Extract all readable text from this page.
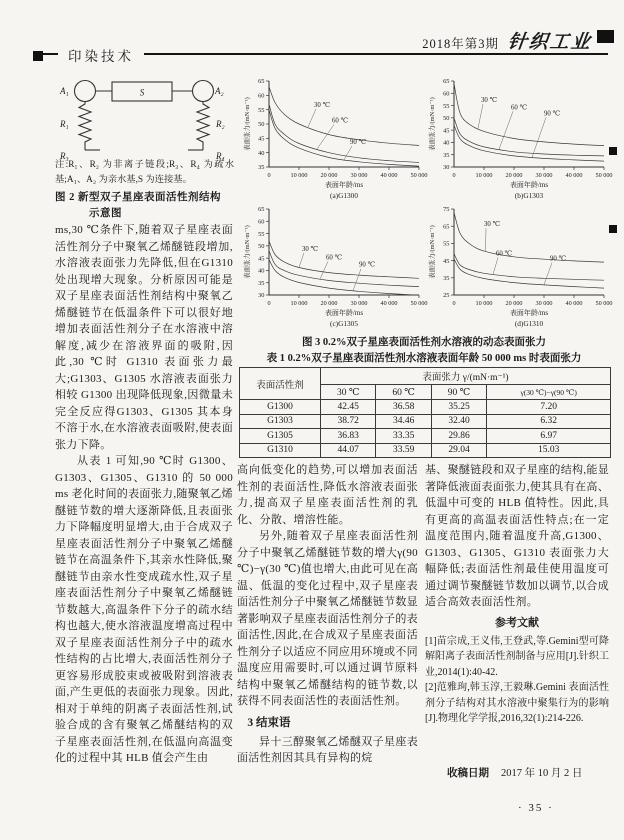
印染技术
2018年第3期 针织工业
A₁	A₂
S
R₁	R₂
R₃	R₄
注:R₁、R₂ 为非离子链段;R₃、R₄ 为疏水基;A₁、A₂ 为亲水基,S 为连接基。
图 2 新型双子星座表面活性剂结构
示意图
35
40
45
50
55
60
65
0	10 000 20 000 30 000 40 000 50 000
表面张力/(mN·m⁻¹)
表面年龄/ms
(a)G1300
30 ℃
60 ℃
90 ℃
30
35
40
45
50
55
60
65
0	10 000 20 000 30 000 40 000 50 000
表面张力/(mN·m⁻¹)
表面年龄/ms
(b)G1303
30 ℃
60 ℃
90 ℃
30
35
40
45
50
55
60
65
0	10 000 20 000 30 000 40 000 50 000
表面张力/(mN·m⁻¹)
表面年龄/ms
(c)G1305
30 ℃
60 ℃
90 ℃
25
35
45
55
65
75
0	10 000 20 000 30 000 40 000 50 000
表面张力/(mN·m⁻¹)
表面年龄/ms
(d)G1310
30 ℃
60 ℃
90 ℃
图 3 0.2%双子星座表面活性剂水溶液的动态表面张力
表 1 0.2%双子星座表面活性剂水溶液表面年龄 50 000 ms 时表面张力
表面活性剂	表面张力 γ/(mN·m⁻¹)			
	30 ℃	60 ℃	90 ℃	γ(30 ℃)−γ(90 ℃)
G1300	42.45	36.58	35.25	7.20
G1303	38.72	34.46	32.40	6.32
G1305	36.83	33.35	29.86	6.97
G1310	44.07	33.59	29.04	15.03

ms,30 ℃条件下,随着双子星座表面活性剂分子中聚氧乙烯醚链段增加,水溶液表面张力先降低,但在G1310 处出现增大现象。分析原因可能是双子星座表面活性剂结构中聚氧乙烯醚链节在低温条件下可以很好地增加表面活性剂分子在水溶液中溶解度,减少在溶液界面的吸附,因此,30 ℃时 G1310 表面张力最大;G1303、G1305 水溶液表面张力相较 G1300 出现降低现象,因微量未完全反应得G1303、G1305 其本身不溶于水,在水溶液表面吸附,使表面张力下降。

从表 1 可知,90 ℃时 G1300、G1303、G1305、G1310 的 50 000 ms 老化时间的表面张力,随聚氧乙烯醚链节数的增大逐渐降低,且表面张力下降幅度明显增大,由于合成双子星座表面活性剂分子中聚氧乙烯醚链节在高温条件下,其亲水性降低,聚醚链节由亲水性变成疏水性,双子星座表面活性剂分子中聚氧乙烯醚链节数越大,高温条件下分子的疏水结构也越大,使水溶液温度增高过程中双子星座表面活性剂分子中的疏水性结构的占比增大,表面活性剂分子更容易形成胶束或被吸附到溶液表面,产生更低的表面张力现象。因此,相对于单纯的阴离子表面活性剂,试验合成的含有聚氧乙烯醚结构的双子星座表面活性剂,在低温向高温变化的过程中其 HLB 值会产生由

高向低变化的趋势,可以增加表面活性剂的表面活性,降低水溶液表面张力,提高双子星座表面活性剂的乳化、分散、增溶性能。

另外,随着双子星座表面活性剂分子中聚氧乙烯醚链节数的增大γ(90 ℃)−γ(30 ℃)值也增大,由此可见在高温、低温的变化过程中,双子星座表面活性剂分子中聚氧乙烯醚链节数显著影响双子星座表面活性剂分子的表面活性,因此,在合成双子星座表面活性剂分子以适应不同应用环境或不同温度应用需要时,可以通过调节原料结构中聚氧乙烯醚结构的链节数,以获得不同表面活性的表面活性剂。

3 结束语

异十三醇聚氧乙烯醚双子星座表面活性剂因其具有异构的烷

基、聚醚链段和双子星座的结构,能显著降低液面表面张力,使其具有在高、低温中可变的 HLB 值特性。因此,具有更高的高温表面活性特点;在一定温度范围内,随着温度升高,G1300、G1303、G1305、G1310 表面张力大幅降低;表面活性剂最佳使用温度可通过调节聚醚链节数加以调节,以合成适合高效表面活性剂。

参考文献

[1]苗宗成,王义伟,王登武,等.Gemini型可降解阳离子表面活性剂制备与应用[J].针织工业,2014(1):40-42.

[2]范雅珣,韩玉淳,王毅琳.Gemini 表面活性剂分子结构对其水溶液中聚集行为的影响[J].物理化学学报,2016,32(1):214-226.

收稿日期 2017 年 10 月 2 日
· 35 ·
